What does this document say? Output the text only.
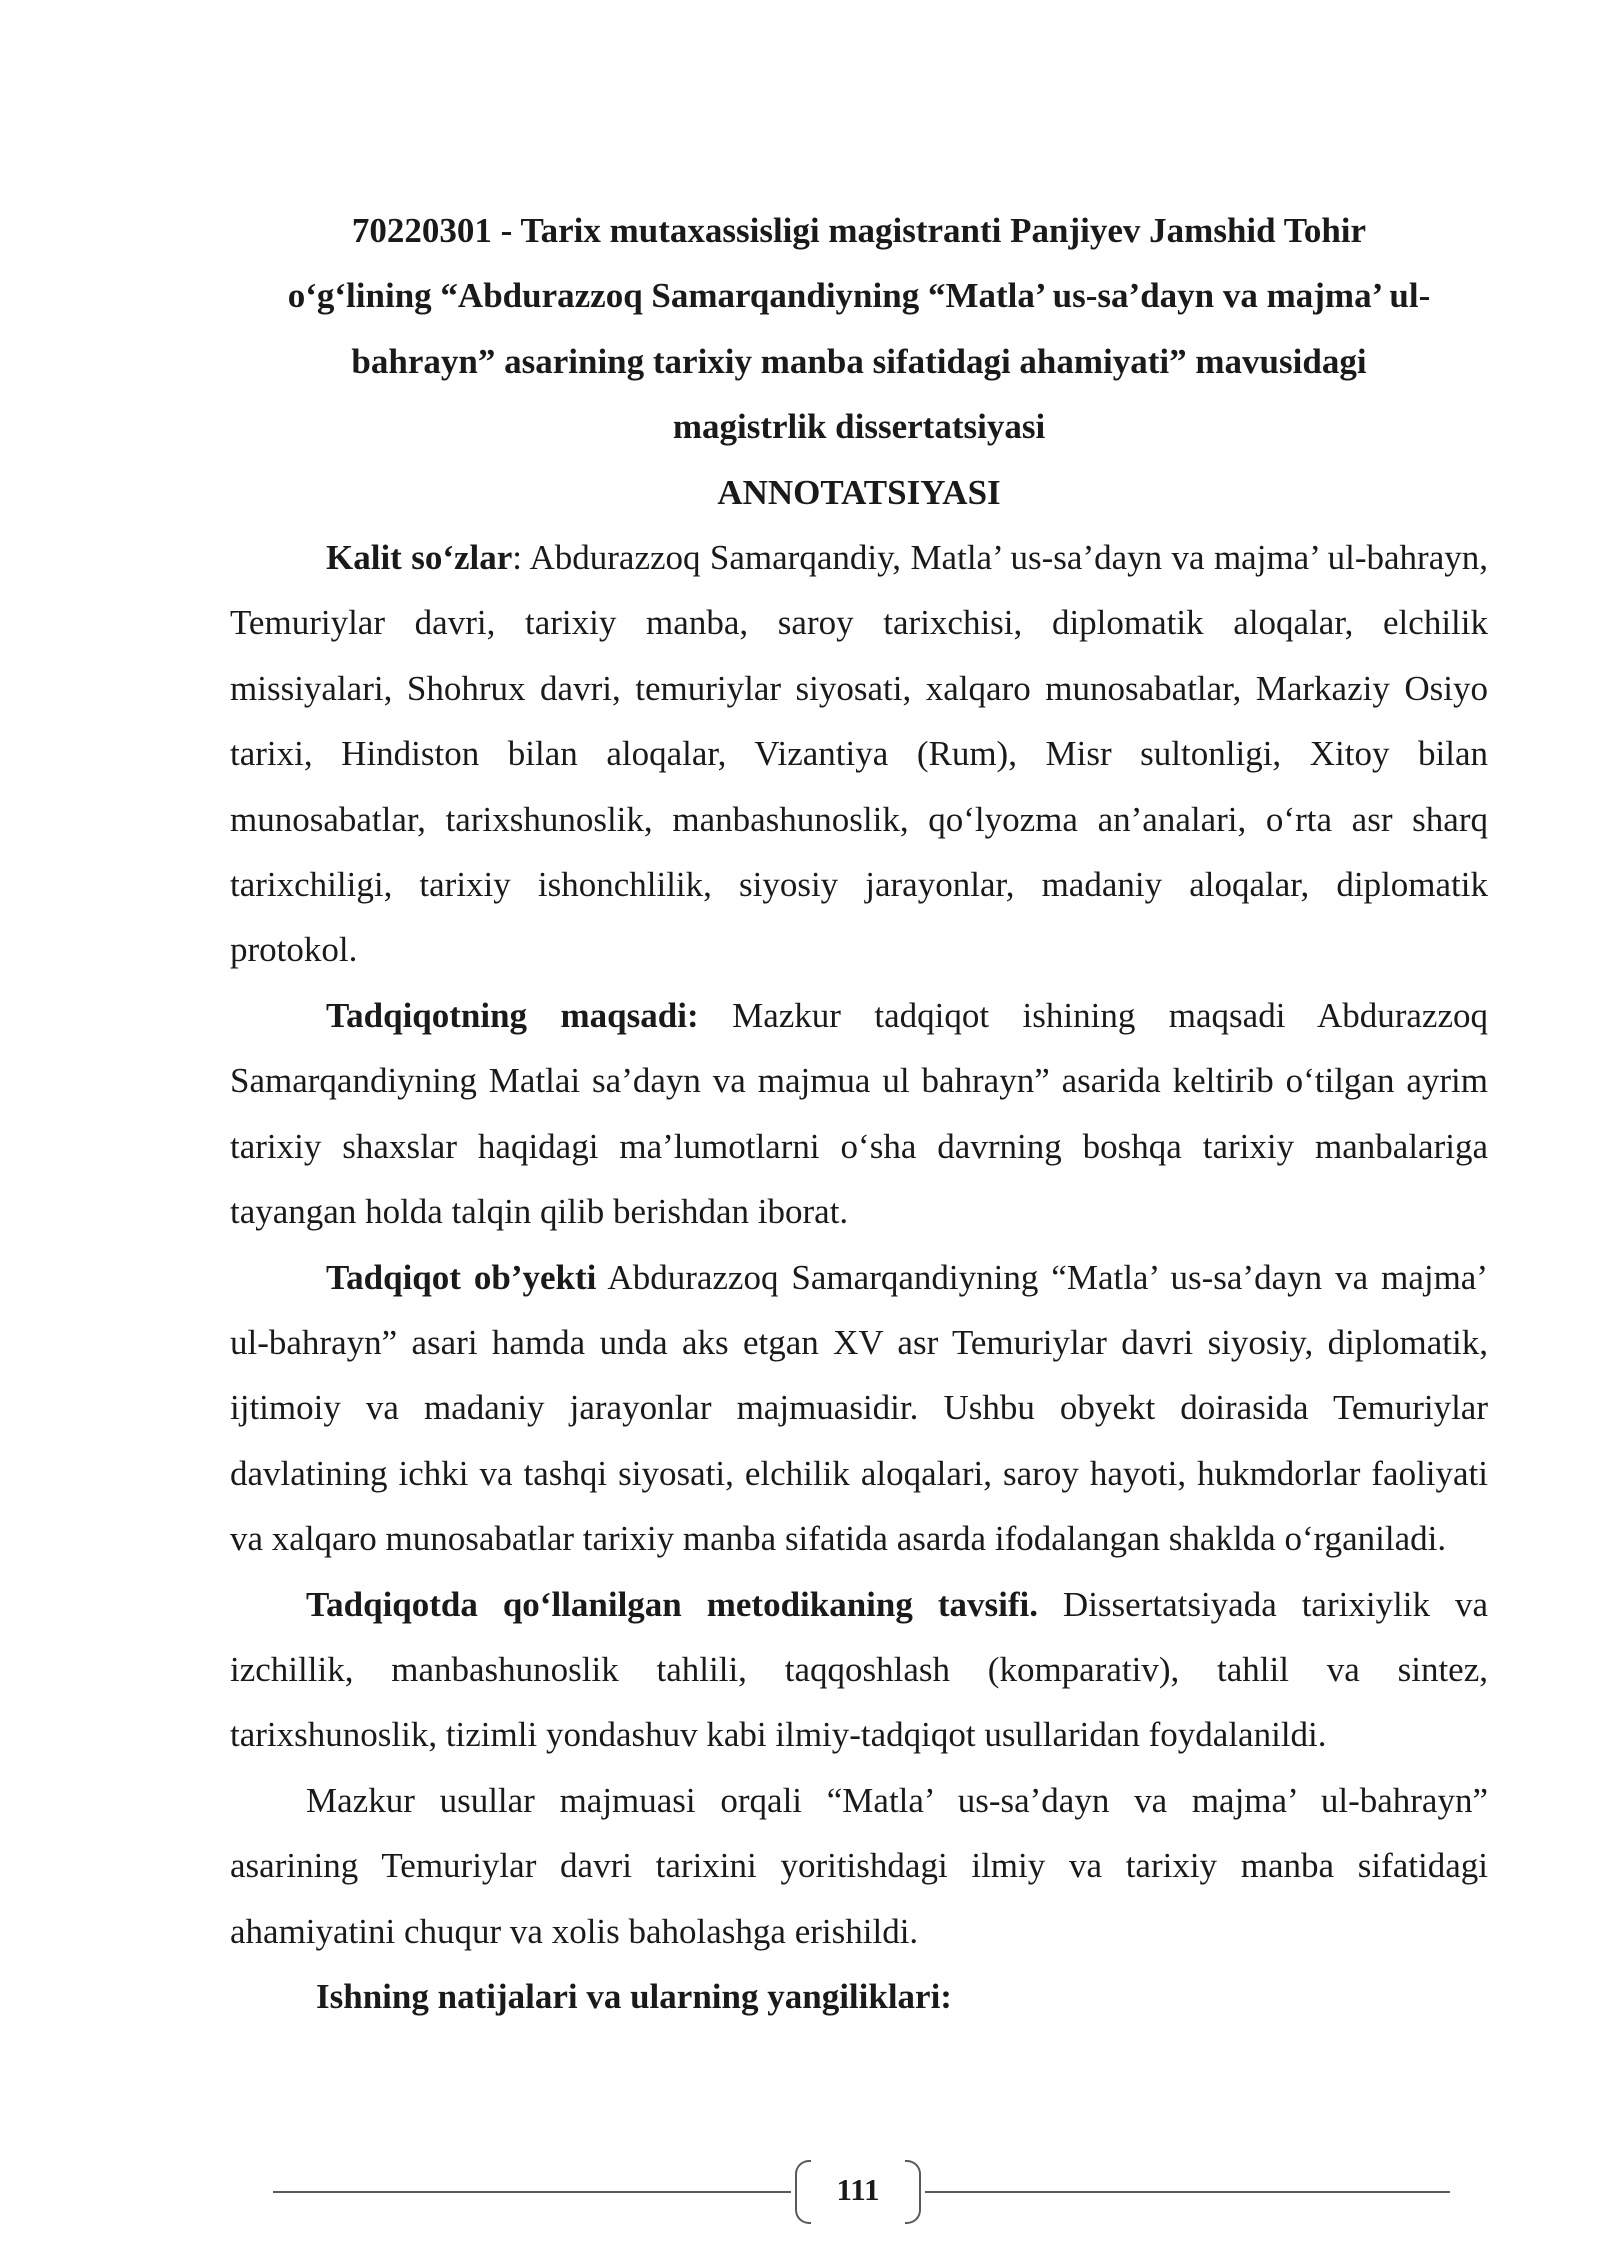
70220301 - Tarix mutaxassisligi magistranti Panjiyev Jamshid Tohir
o‘g‘lining “Abdurazzoq Samarqandiyning “Matla’ us-sa’dayn va majma’ ul-
bahrayn” asarining tarixiy manba sifatidagi ahamiyati” mavusidagi
magistrlik dissertatsiyasi
ANNOTATSIYASI

Kalit so‘zlar: Abdurazzoq Samarqandiy, Matla’ us-sa’dayn va majma’ ul-bahrayn, Temuriylar davri, tarixiy manba, saroy tarixchisi, diplomatik aloqalar, elchilik missiyalari, Shohrux davri, temuriylar siyosati, xalqaro munosabatlar, Markaziy Osiyo tarixi, Hindiston bilan aloqalar, Vizantiya (Rum), Misr sultonligi, Xitoy bilan munosabatlar, tarixshunoslik, manbashunoslik, qo‘lyozma an’analari, o‘rta asr sharq tarixchiligi, tarixiy ishonchlilik, siyosiy jarayonlar, madaniy aloqalar, diplomatik protokol.

Tadqiqotning maqsadi: Mazkur tadqiqot ishining maqsadi Abdurazzoq Samarqandiyning Matlai sa’dayn va majmua ul bahrayn” asarida keltirib o‘tilgan ayrim tarixiy shaxslar haqidagi ma’lumotlarni o‘sha davrning boshqa tarixiy manbalariga tayangan holda talqin qilib berishdan iborat.

Tadqiqot ob’yekti Abdurazzoq Samarqandiyning “Matla’ us-sa’dayn va majma’ ul-bahrayn” asari hamda unda aks etgan XV asr Temuriylar davri siyosiy, diplomatik, ijtimoiy va madaniy jarayonlar majmuasidir. Ushbu obyekt doirasida Temuriylar davlatining ichki va tashqi siyosati, elchilik aloqalari, saroy hayoti, hukmdorlar faoliyati va xalqaro munosabatlar tarixiy manba sifatida asarda ifodalangan shaklda o‘rganiladi.

Tadqiqotda qo‘llanilgan metodikaning tavsifi. Dissertatsiyada tarixiylik va izchillik, manbashunoslik tahlili, taqqoshlash (komparativ), tahlil va sintez, tarixshunoslik, tizimli yondashuv kabi ilmiy-tadqiqot usullaridan foydalanildi.

Mazkur usullar majmuasi orqali “Matla’ us-sa’dayn va majma’ ul-bahrayn” asarining Temuriylar davri tarixini yoritishdagi ilmiy va tarixiy manba sifatidagi ahamiyatini chuqur va xolis baholashga erishildi.

Ishning natijalari va ularning yangiliklari:

111
